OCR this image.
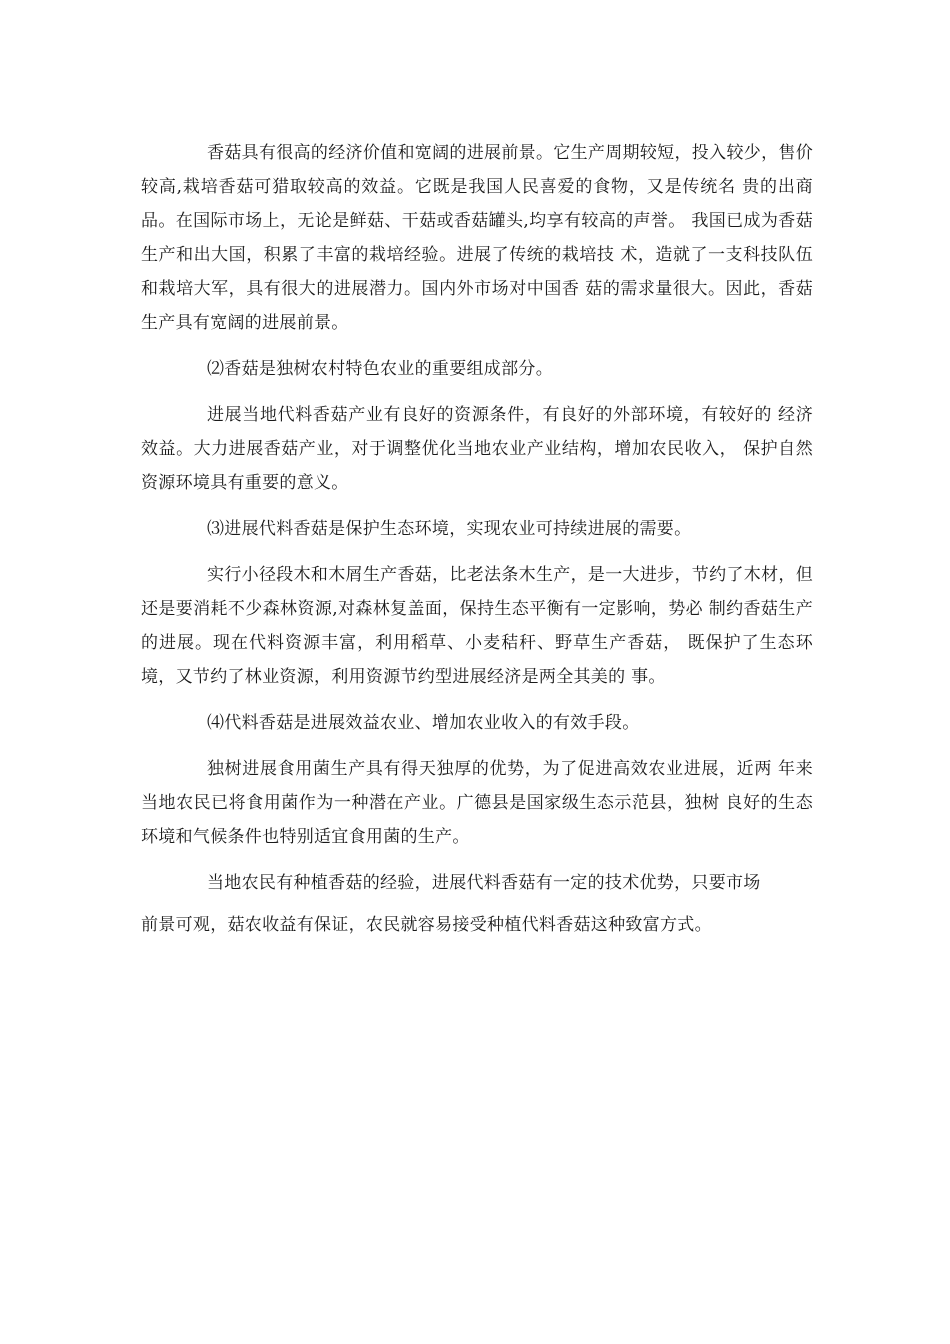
香菇具有很高的经济价值和宽阔的进展前景。它生产周期较短，投入较少，售价较高,栽培香菇可猎取较高的效益。它既是我国人民喜爱的食物，又是传统名 贵的出商品。在国际市场上，无论是鲜菇、干菇或香菇罐头,均享有较高的声誉。 我国已成为香菇生产和出大国，积累了丰富的栽培经验。进展了传统的栽培技 术，造就了一支科技队伍和栽培大军，具有很大的进展潜力。国内外市场对中国香 菇的需求量很大。因此，香菇生产具有宽阔的进展前景。

⑵香菇是独树农村特色农业的重要组成部分。

进展当地代料香菇产业有良好的资源条件，有良好的外部环境，有较好的 经济效益。大力进展香菇产业，对于调整优化当地农业产业结构，增加农民收入， 保护自然资源环境具有重要的意义。

⑶进展代料香菇是保护生态环境，实现农业可持续进展的需要。

实行小径段木和木屑生产香菇，比老法条木生产，是一大进步，节约了木材，但还是要消耗不少森林资源,对森林复盖面，保持生态平衡有一定影响，势必 制约香菇生产的进展。现在代料资源丰富，利用稻草、小麦秸秆、野草生产香菇， 既保护了生态环境，又节约了林业资源，利用资源节约型进展经济是两全其美的 事。

⑷代料香菇是进展效益农业、增加农业收入的有效手段。

独树进展食用菌生产具有得天独厚的优势，为了促进高效农业进展，近两 年来当地农民已将食用菌作为一种潜在产业。广德县是国家级生态示范县，独树 良好的生态环境和气候条件也特别适宜食用菌的生产。

当地农民有种植香菇的经验，进展代料香菇有一定的技术优势，只要市场
前景可观，菇农收益有保证，农民就容易接受种植代料香菇这种致富方式。
